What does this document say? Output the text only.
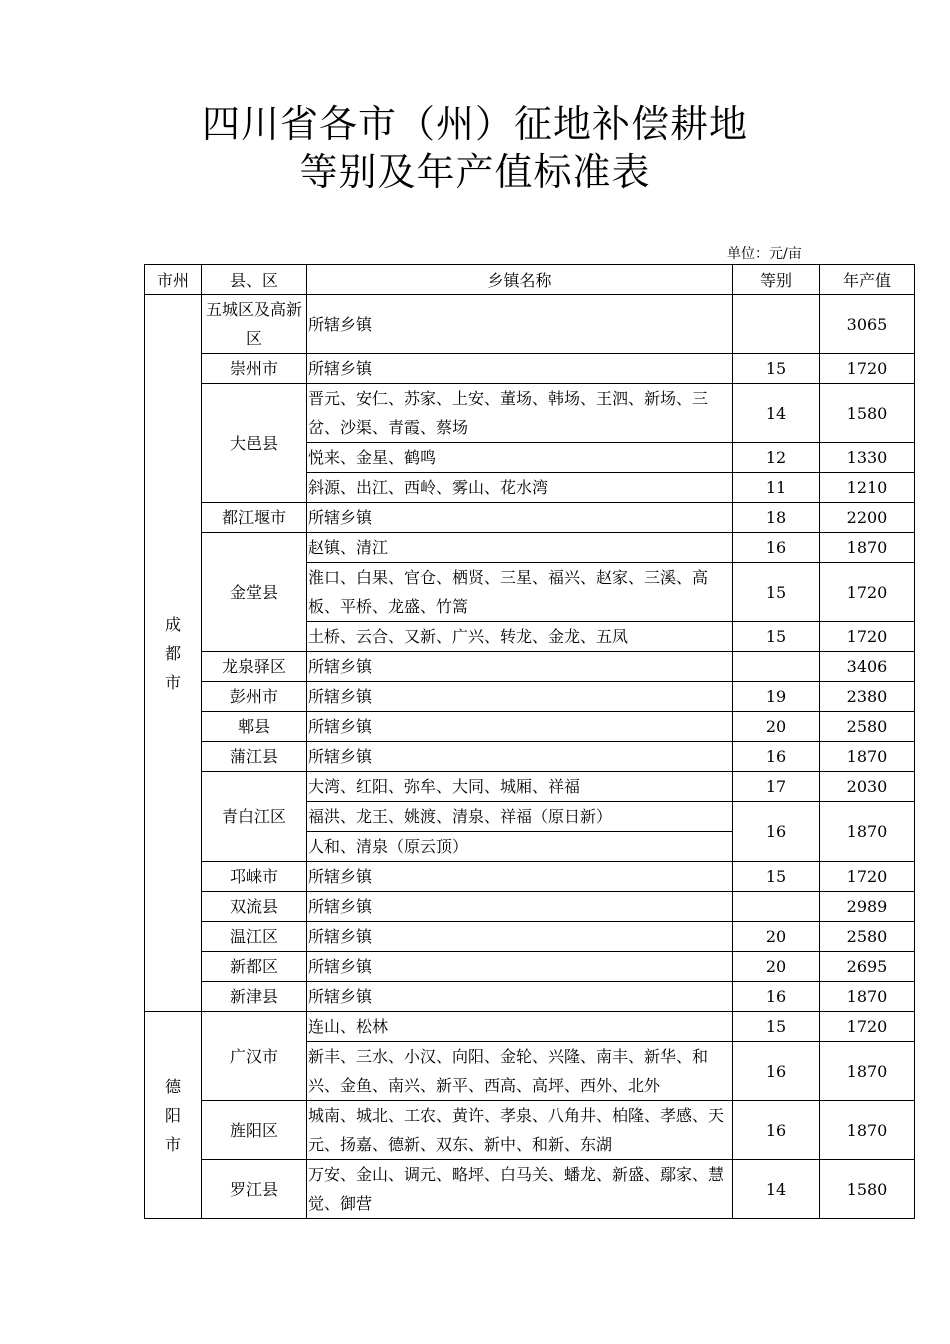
四川省各市（州）征地补偿耕地
等别及年产值标准表
单位：元/亩
市州	县、区	乡镇名称	等别	年产值

成
都
市	五城区及高新区	所辖乡镇		3065
	崇州市	所辖乡镇	15	1720
	大邑县	晋元、安仁、苏家、上安、董场、韩场、王泗、新场、三岔、沙渠、青霞、蔡场	14	1580
		悦来、金星、鹤鸣	12	1330
		斜源、出江、西岭、雾山、花水湾	11	1210
	都江堰市	所辖乡镇	18	2200
	金堂县	赵镇、清江	16	1870
		淮口、白果、官仓、栖贤、三星、福兴、赵家、三溪、高板、平桥、龙盛、竹篙	15	1720
		土桥、云合、又新、广兴、转龙、金龙、五凤	15	1720
	龙泉驿区	所辖乡镇		3406
	彭州市	所辖乡镇	19	2380
	郫县	所辖乡镇	20	2580
	蒲江县	所辖乡镇	16	1870

	青白江区	大湾、红阳、弥牟、大同、城厢、祥福	17	2030
		福洪、龙王、姚渡、清泉、祥福（原日新）	16	1870
		人和、清泉（原云顶）		
	邛崃市	所辖乡镇	15	1720
	双流县	所辖乡镇		2989
	温江区	所辖乡镇	20	2580
	新都区	所辖乡镇	20	2695
	新津县	所辖乡镇	16	1870

德
阳
市	广汉市	连山、松林	15	1720
		新丰、三水、小汉、向阳、金轮、兴隆、南丰、新华、和兴、金鱼、南兴、新平、西高、高坪、西外、北外	16	1870
	旌阳区	城南、城北、工农、黄许、孝泉、八角井、柏隆、孝感、天元、扬嘉、德新、双东、新中、和新、东湖	16	1870
	罗江县	万安、金山、调元、略坪、白马关、蟠龙、新盛、鄢家、慧觉、御营	14	1580
